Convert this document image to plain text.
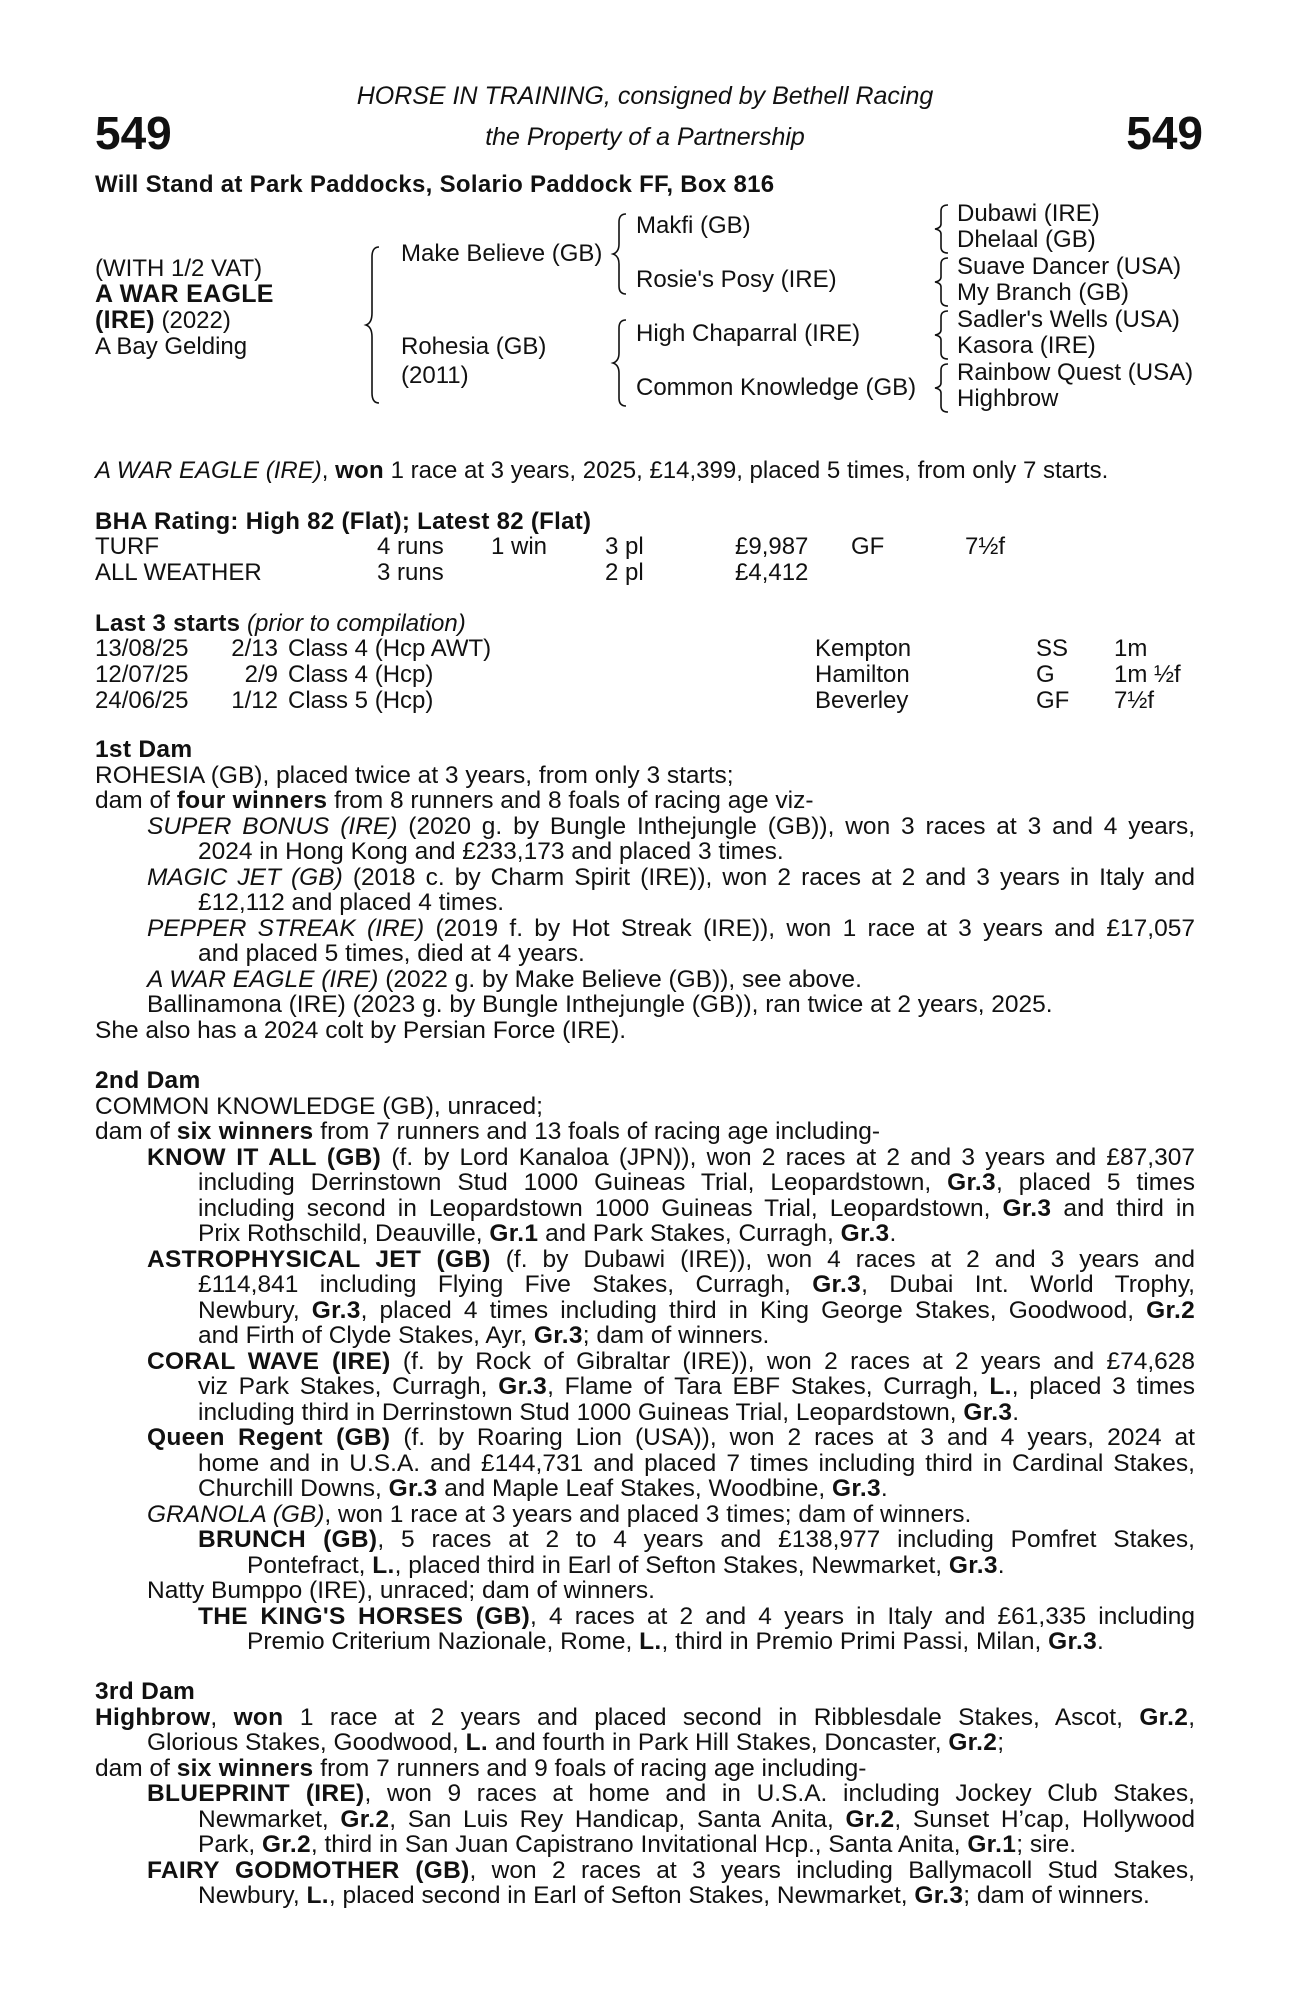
549	549
HORSE IN TRAINING, consigned by Bethell Racing
the Property of a Partnership
Will Stand at Park Paddocks, Solario Paddock FF, Box 816
(WITH 1/2 VAT)
A WAR EAGLE
(IRE) (2022)
A Bay Gelding
Make Believe (GB)
Rohesia (GB)
(2011)
Makfi (GB)
Rosie's Posy (IRE)
High Chaparral (IRE)
Common Knowledge (GB)
Dubawi (IRE)
Dhelaal (GB)
Suave Dancer (USA)
My Branch (GB)
Sadler's Wells (USA)
Kasora (IRE)
Rainbow Quest (USA)
Highbrow
A WAR EAGLE (IRE), won 1 race at 3 years, 2025, £14,399, placed 5 times, from only 7 starts.
BHA Rating: High 82 (Flat); Latest 82 (Flat)
TURF	4 runs 1 win 3 pl	£9,987 GF	7½f
ALL WEATHER	3 runs	2 pl	£4,412
Last 3 starts (prior to compilation)
13/08/25	2/13 Class 4 (Hcp AWT)	Kempton	SS 1m
12/07/25	2/9 Class 4 (Hcp)	Hamilton	G 1m ½f
24/06/25	1/12 Class 5 (Hcp)	Beverley	GF 7½f
1st Dam
ROHESIA (GB), placed twice at 3 years, from only 3 starts;
dam of four winners from 8 runners and 8 foals of racing age viz-
SUPER BONUS (IRE) (2020 g. by Bungle Inthejungle (GB)), won 3 races at 3 and 4 years,
2024 in Hong Kong and £233,173 and placed 3 times.
MAGIC JET (GB) (2018 c. by Charm Spirit (IRE)), won 2 races at 2 and 3 years in Italy and
£12,112 and placed 4 times.
PEPPER STREAK (IRE) (2019 f. by Hot Streak (IRE)), won 1 race at 3 years and £17,057
and placed 5 times, died at 4 years.
A WAR EAGLE (IRE) (2022 g. by Make Believe (GB)), see above.
Ballinamona (IRE) (2023 g. by Bungle Inthejungle (GB)), ran twice at 2 years, 2025.
She also has a 2024 colt by Persian Force (IRE).
2nd Dam
COMMON KNOWLEDGE (GB), unraced;
dam of six winners from 7 runners and 13 foals of racing age including-
KNOW IT ALL (GB) (f. by Lord Kanaloa (JPN)), won 2 races at 2 and 3 years and £87,307
including Derrinstown Stud 1000 Guineas Trial, Leopardstown, Gr.3, placed 5 times
including second in Leopardstown 1000 Guineas Trial, Leopardstown, Gr.3 and third in
Prix Rothschild, Deauville, Gr.1 and Park Stakes, Curragh, Gr.3.
ASTROPHYSICAL JET (GB) (f. by Dubawi (IRE)), won 4 races at 2 and 3 years and
£114,841 including Flying Five Stakes, Curragh, Gr.3, Dubai Int. World Trophy,
Newbury, Gr.3, placed 4 times including third in King George Stakes, Goodwood, Gr.2
and Firth of Clyde Stakes, Ayr, Gr.3; dam of winners.
CORAL WAVE (IRE) (f. by Rock of Gibraltar (IRE)), won 2 races at 2 years and £74,628
viz Park Stakes, Curragh, Gr.3, Flame of Tara EBF Stakes, Curragh, L., placed 3 times
including third in Derrinstown Stud 1000 Guineas Trial, Leopardstown, Gr.3.
Queen Regent (GB) (f. by Roaring Lion (USA)), won 2 races at 3 and 4 years, 2024 at
home and in U.S.A. and £144,731 and placed 7 times including third in Cardinal Stakes,
Churchill Downs, Gr.3 and Maple Leaf Stakes, Woodbine, Gr.3.
GRANOLA (GB), won 1 race at 3 years and placed 3 times; dam of winners.
BRUNCH (GB), 5 races at 2 to 4 years and £138,977 including Pomfret Stakes,
Pontefract, L., placed third in Earl of Sefton Stakes, Newmarket, Gr.3.
Natty Bumppo (IRE), unraced; dam of winners.
THE KING'S HORSES (GB), 4 races at 2 and 4 years in Italy and £61,335 including
Premio Criterium Nazionale, Rome, L., third in Premio Primi Passi, Milan, Gr.3.
3rd Dam
Highbrow, won 1 race at 2 years and placed second in Ribblesdale Stakes, Ascot, Gr.2,
Glorious Stakes, Goodwood, L. and fourth in Park Hill Stakes, Doncaster, Gr.2;
dam of six winners from 7 runners and 9 foals of racing age including-
BLUEPRINT (IRE), won 9 races at home and in U.S.A. including Jockey Club Stakes,
Newmarket, Gr.2, San Luis Rey Handicap, Santa Anita, Gr.2, Sunset H’cap, Hollywood
Park, Gr.2, third in San Juan Capistrano Invitational Hcp., Santa Anita, Gr.1; sire.
FAIRY GODMOTHER (GB), won 2 races at 3 years including Ballymacoll Stud Stakes,
Newbury, L., placed second in Earl of Sefton Stakes, Newmarket, Gr.3; dam of winners.
